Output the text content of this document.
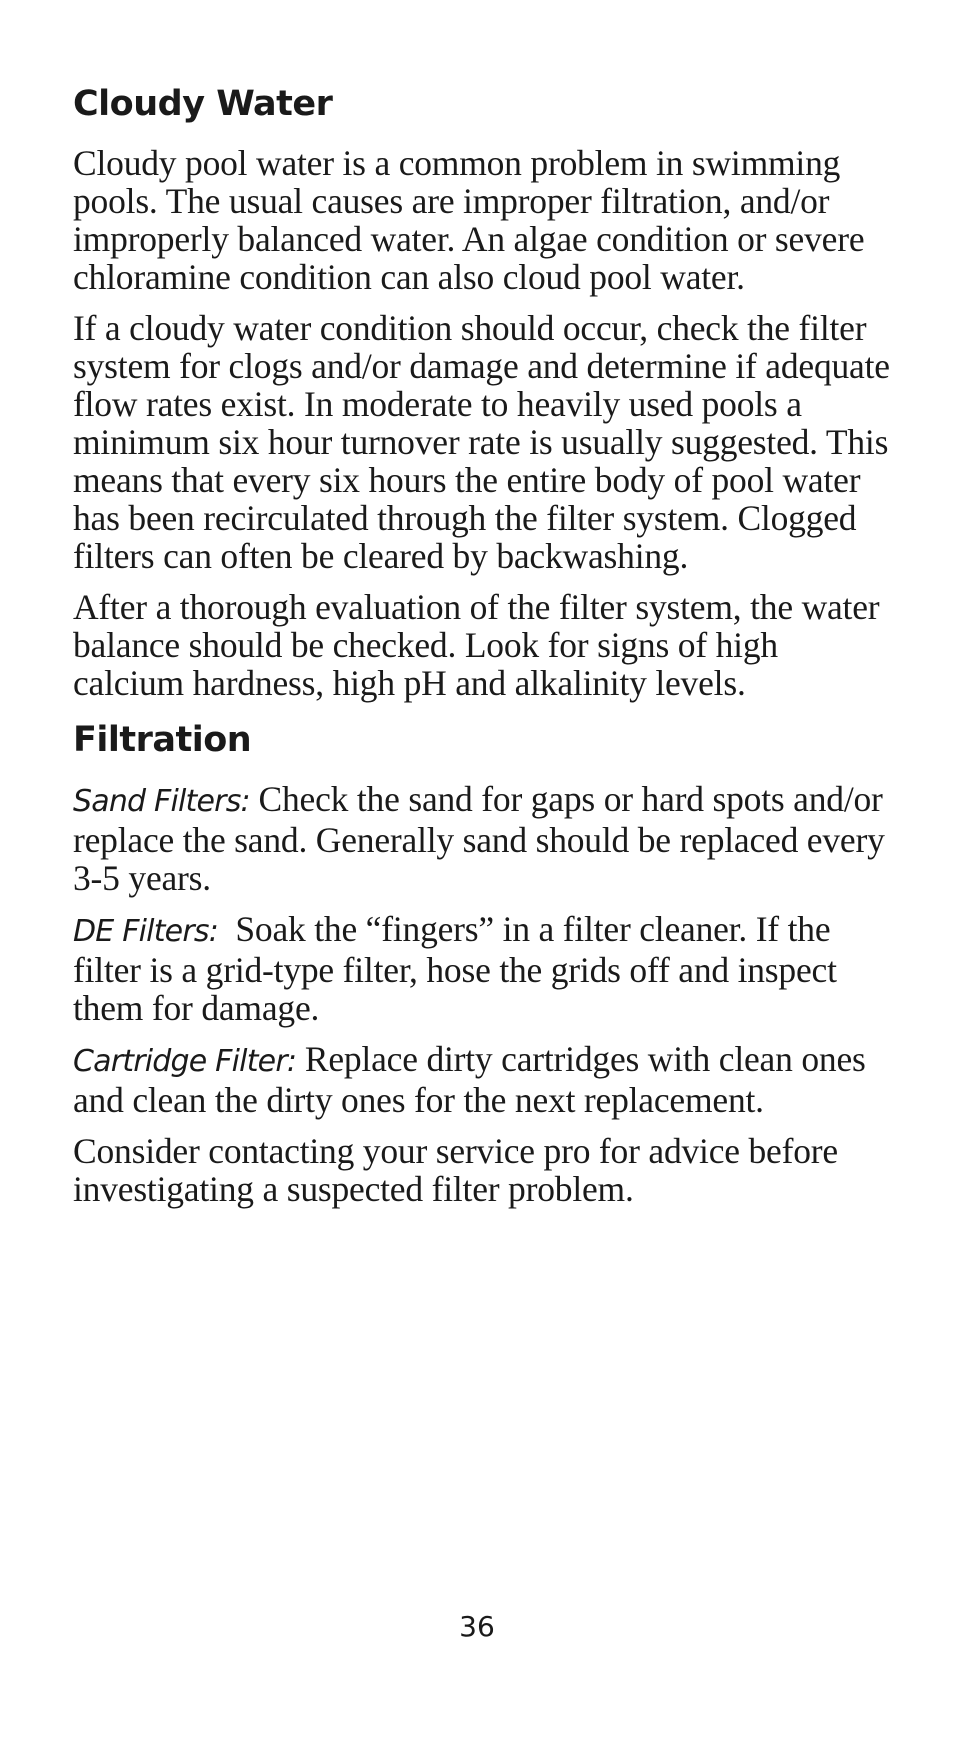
Cloudy Water

Cloudy pool water is a common problem in swimming pools. The usual causes are improper filtration, and/or improperly balanced water. An algae condition or severe chloramine condition can also cloud pool water.

If a cloudy water condition should occur, check the filter system for clogs and/or damage and determine if adequate flow rates exist. In moderate to heavily used pools a minimum six hour turnover rate is usually suggested. This means that every six hours the entire body of pool water has been recirculated through the filter system. Clogged filters can often be cleared by backwashing.

After a thorough evaluation of the filter system, the water balance should be checked. Look for signs of high calcium hardness, high pH and alkalinity levels.

Filtration

Sand Filters: Check the sand for gaps or hard spots and/or replace the sand. Generally sand should be replaced every 3-5 years.

DE Filters:  Soak the “fingers” in a filter cleaner. If the filter is a grid-type filter, hose the grids off and inspect them for damage.

Cartridge Filter: Replace dirty cartridges with clean ones and clean the dirty ones for the next replacement.

Consider contacting your service pro for advice before investigating a suspected filter problem.

36
